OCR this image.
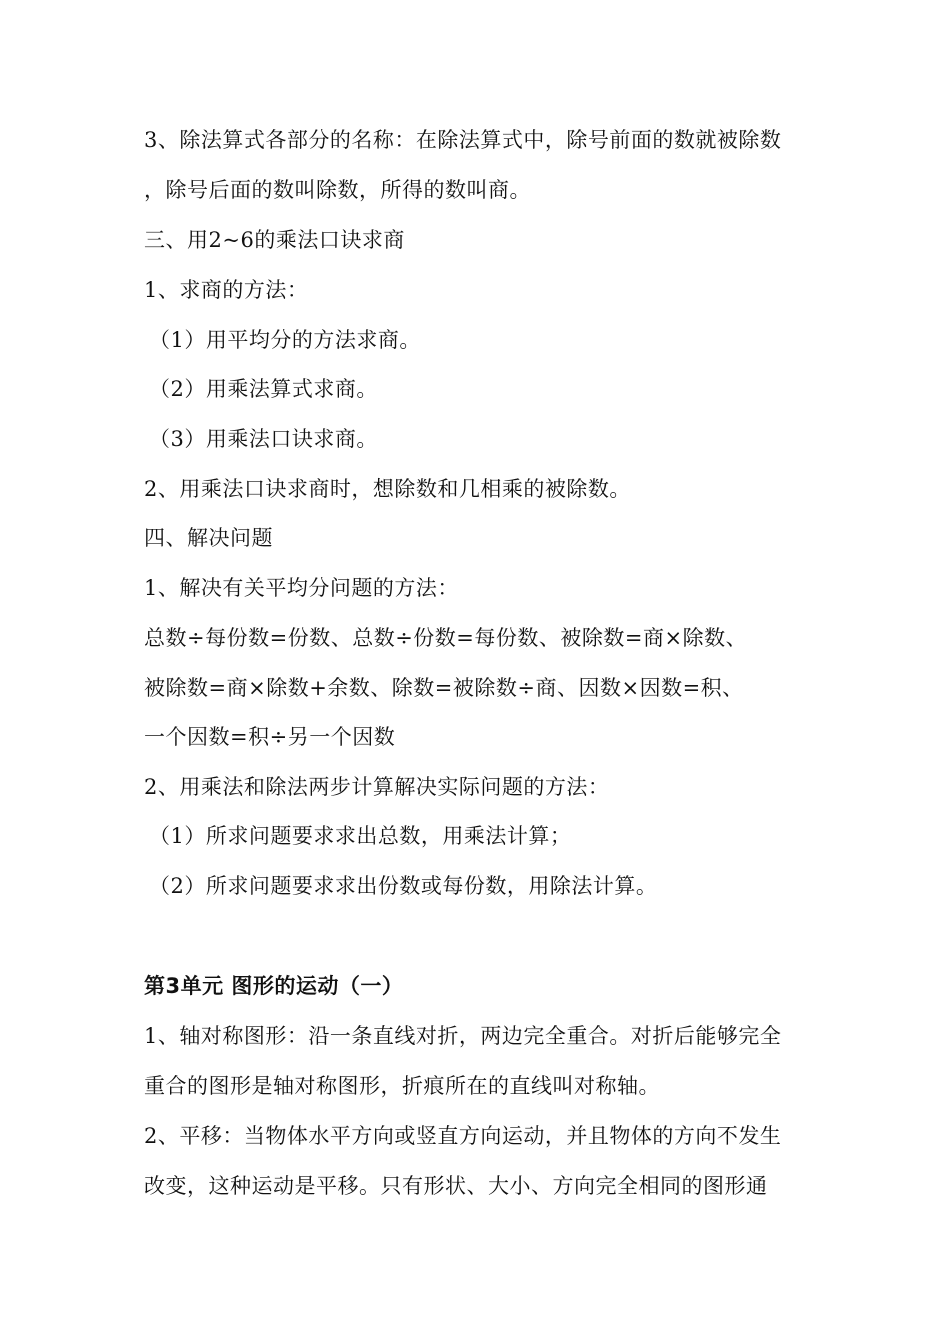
3、除法算式各部分的名称：在除法算式中，除号前面的数就被除数
，除号后面的数叫除数，所得的数叫商。
三、用2~6的乘法口诀求商
1、求商的方法：
（1）用平均分的方法求商。
（2）用乘法算式求商。
（3）用乘法口诀求商。
2、用乘法口诀求商时，想除数和几相乘的被除数。
四、解决问题
1、解决有关平均分问题的方法：
总数÷每份数=份数、总数÷份数=每份数、被除数=商×除数、
被除数=商×除数+余数、除数=被除数÷商、因数×因数=积、
一个因数=积÷另一个因数
2、用乘法和除法两步计算解决实际问题的方法：
（1）所求问题要求求出总数，用乘法计算；
（2）所求问题要求求出份数或每份数，用除法计算。
第3单元 图形的运动（一）
1、轴对称图形：沿一条直线对折，两边完全重合。对折后能够完全
重合的图形是轴对称图形，折痕所在的直线叫对称轴。
2、平移：当物体水平方向或竖直方向运动，并且物体的方向不发生
改变，这种运动是平移。只有形状、大小、方向完全相同的图形通
